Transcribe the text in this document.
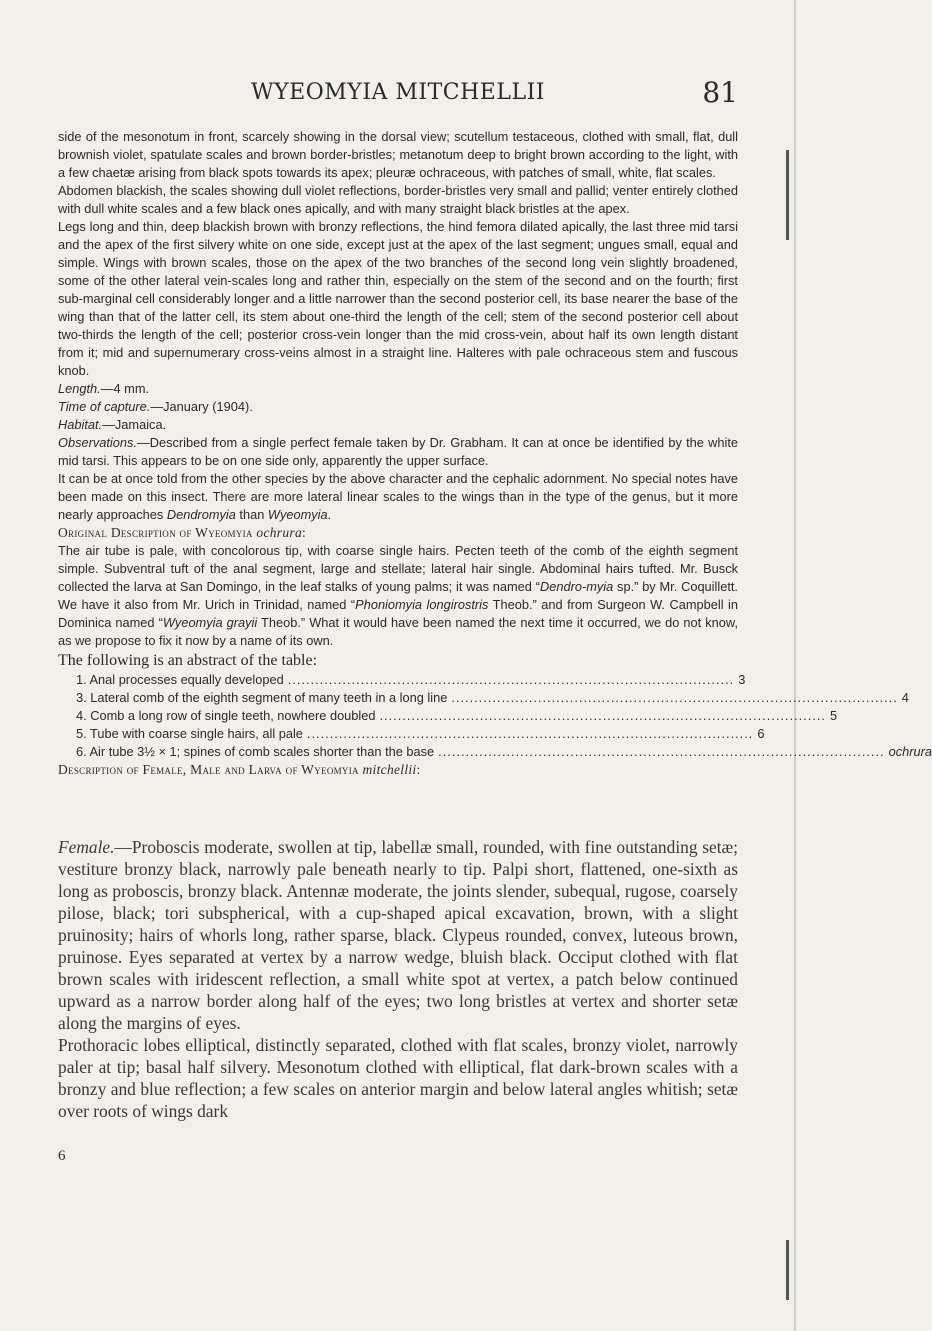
WYEOMYIA MITCHELLII	81

side of the mesonotum in front, scarcely showing in the dorsal view; scutellum testaceous, clothed with small, flat, dull brownish violet, spatulate scales and brown border-bristles; metanotum deep to bright brown according to the light, with a few chaetæ arising from black spots towards its apex; pleuræ ochraceous, with patches of small, white, flat scales.

Abdomen blackish, the scales showing dull violet reflections, border-bristles very small and pallid; venter entirely clothed with dull white scales and a few black ones apically, and with many straight black bristles at the apex.

Legs long and thin, deep blackish brown with bronzy reflections, the hind femora dilated apically, the last three mid tarsi and the apex of the first silvery white on one side, except just at the apex of the last segment; ungues small, equal and simple. Wings with brown scales, those on the apex of the two branches of the second long vein slightly broadened, some of the other lateral vein-scales long and rather thin, especially on the stem of the second and on the fourth; first sub-marginal cell considerably longer and a little narrower than the second posterior cell, its base nearer the base of the wing than that of the latter cell, its stem about one-third the length of the cell; stem of the second posterior cell about two-thirds the length of the cell; posterior cross-vein longer than the mid cross-vein, about half its own length distant from it; mid and supernumerary cross-veins almost in a straight line. Halteres with pale ochraceous stem and fuscous knob.

Length.—4 mm.

Time of capture.—January (1904).

Habitat.—Jamaica.

Observations.—Described from a single perfect female taken by Dr. Grabham. It can at once be identified by the white mid tarsi. This appears to be on one side only, apparently the upper surface.

It can be at once told from the other species by the above character and the cephalic adornment. No special notes have been made on this insect. There are more lateral linear scales to the wings than in the type of the genus, but it more nearly approaches Dendromyia than Wyeomyia.

Original Description of Wyeomyia ochrura:

The air tube is pale, with concolorous tip, with coarse single hairs. Pecten teeth of the comb of the eighth segment simple. Subventral tuft of the anal segment, large and stellate; lateral hair single. Abdominal hairs tufted. Mr. Busck collected the larva at San Domingo, in the leaf stalks of young palms; it was named “Dendro-myia sp.” by Mr. Coquillett. We have it also from Mr. Urich in Trinidad, named “Phoniomyia longirostris Theob.” and from Surgeon W. Campbell in Dominica named “Wyeomyia grayii Theob.” What it would have been named the next time it occurred, we do not know, as we propose to fix it now by a name of its own.

The following is an abstract of the table:

1. Anal processes equally developed .................................................................................................. 3
3. Lateral comb of the eighth segment of many teeth in a long line .................................................................................................. 4
4. Comb a long row of single teeth, nowhere doubled .................................................................................................. 5
5. Tube with coarse single hairs, all pale .................................................................................................. 6
6. Air tube 3½ × 1; spines of comb scales shorter than the base .................................................................................................. ochrura

Description of Female, Male and Larva of Wyeomyia mitchellii:

Female.—Proboscis moderate, swollen at tip, labellæ small, rounded, with fine outstanding setæ; vestiture bronzy black, narrowly pale beneath nearly to tip. Palpi short, flattened, one-sixth as long as proboscis, bronzy black. Antennæ moderate, the joints slender, subequal, rugose, coarsely pilose, black; tori subspherical, with a cup-shaped apical excavation, brown, with a slight pruinosity; hairs of whorls long, rather sparse, black. Clypeus rounded, convex, luteous brown, pruinose. Eyes separated at vertex by a narrow wedge, bluish black. Occiput clothed with flat brown scales with iridescent reflection, a small white spot at vertex, a patch below continued upward as a narrow border along half of the eyes; two long bristles at vertex and shorter setæ along the margins of eyes.

Prothoracic lobes elliptical, distinctly separated, clothed with flat scales, bronzy violet, narrowly paler at tip; basal half silvery. Mesonotum clothed with elliptical, flat dark-brown scales with a bronzy and blue reflection; a few scales on anterior margin and below lateral angles whitish; setæ over roots of wings dark

6
